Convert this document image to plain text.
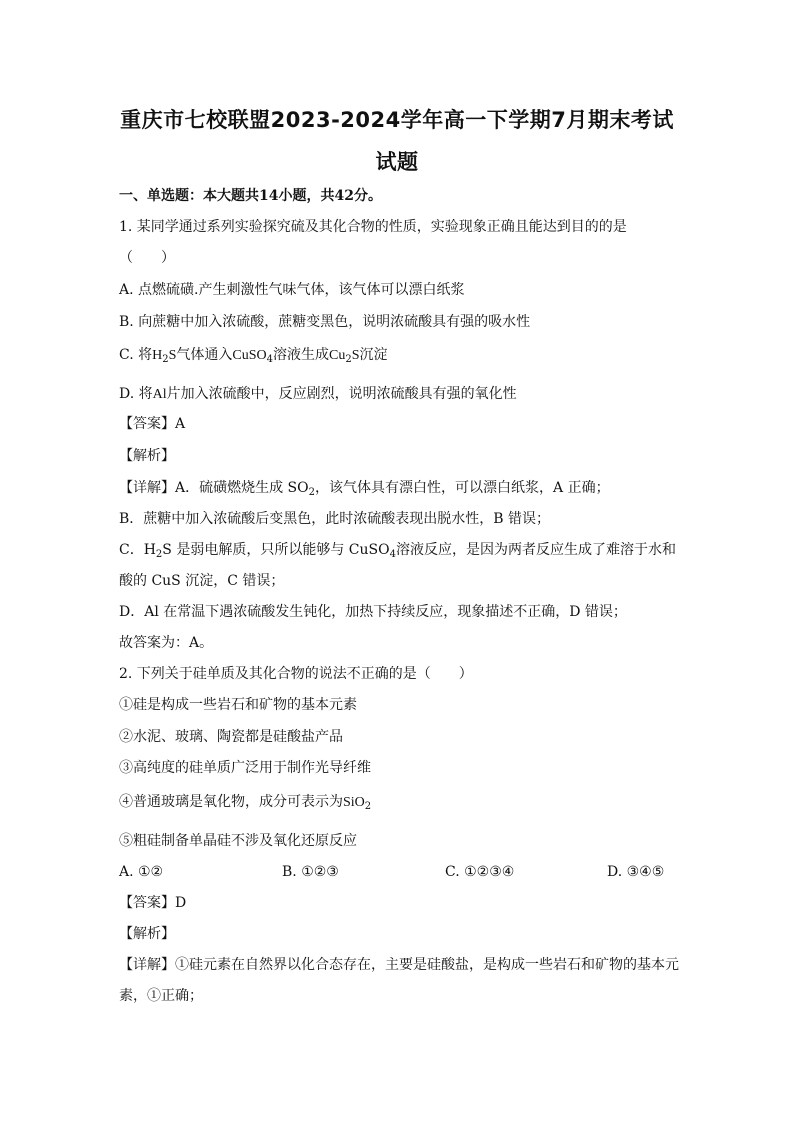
重庆市七校联盟2023-2024学年高一下学期7月期末考试
试题
一、单选题：本大题共14小题，共42分。
1. 某同学通过系列实验探究硫及其化合物的性质，实验现象正确且能达到目的的是
（　　）
A. 点燃硫磺.产生刺激性气味气体，该气体可以漂白纸浆
B. 向蔗糖中加入浓硫酸，蔗糖变黑色，说明浓硫酸具有强的吸水性
C. 将$H_2S$气体通入CuSO$_4$溶液生成$Cu_2S$沉淀
D. 将Al片加入浓硫酸中，反应剧烈，说明浓硫酸具有强的氧化性
【答案】A
【解析】
【详解】A．硫磺燃烧生成 $SO_2$，该气体具有漂白性，可以漂白纸浆，A 正确；
B．蔗糖中加入浓硫酸后变黑色，此时浓硫酸表现出脱水性，B 错误；
C．$H_2S$ 是弱电解质，只所以能够与 CuSO$_4$溶液反应，是因为两者反应生成了难溶于水和
酸的 CuS 沉淀，C 错误；
D．Al 在常温下遇浓硫酸发生钝化，加热下持续反应，现象描述不正确，D 错误；
故答案为：A。
2. 下列关于硅单质及其化合物的说法不正确的是（　　）
①硅是构成一些岩石和矿物的基本元素
②水泥、玻璃、陶瓷都是硅酸盐产品
③高纯度的硅单质广泛用于制作光导纤维
④普通玻璃是氧化物，成分可表示为SiO$_2$
⑤粗硅制备单晶硅不涉及氧化还原反应
A. ①②	B. ①②③	C. ①②③④	D. ③④⑤
【答案】D
【解析】
【详解】①硅元素在自然界以化合态存在，主要是硅酸盐，是构成一些岩石和矿物的基本元
素，①正确；
